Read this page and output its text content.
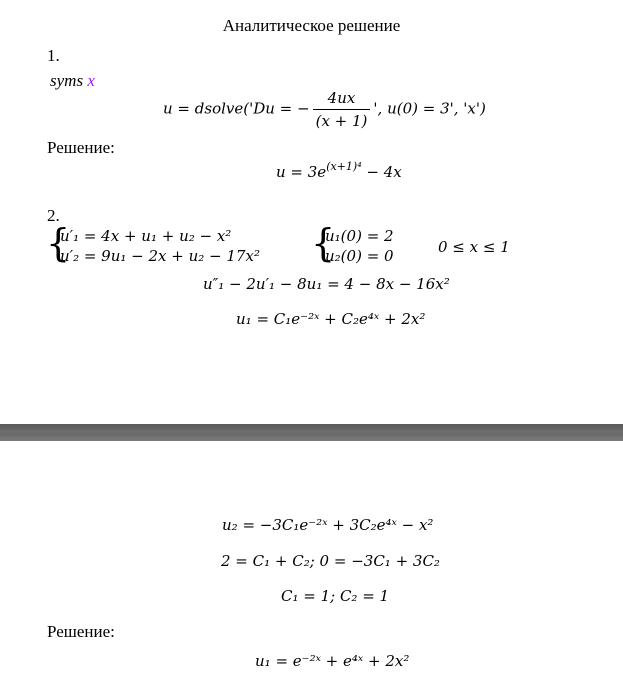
Аналитическое решение
1.
syms x
u = dsolve('Du = − $\frac{4ux}{(x + 1)}$ ', u(0) = 3', 'x')
Решение:
$u = 3e^{(x+1)^4} - 4x$
2.
{
u′₁ = 4x + u₁ + u₂ − x²
u′₂ = 9u₁ − 2x + u₂ − 17x² {
u₁(0) = 2
u₂(0) = 0	0 ≤ x ≤ 1
u″₁ − 2u′₁ − 8u₁ = 4 − 8x − 16x²
u₁ = C₁e⁻²ˣ + C₂e⁴ˣ + 2x²
u₂ = −3C₁e⁻²ˣ + 3C₂e⁴ˣ − x²
2 = C₁ + C₂; 0 = −3C₁ + 3C₂
C₁ = 1; C₂ = 1
Решение:
u₁ = e⁻²ˣ + e⁴ˣ + 2x²
